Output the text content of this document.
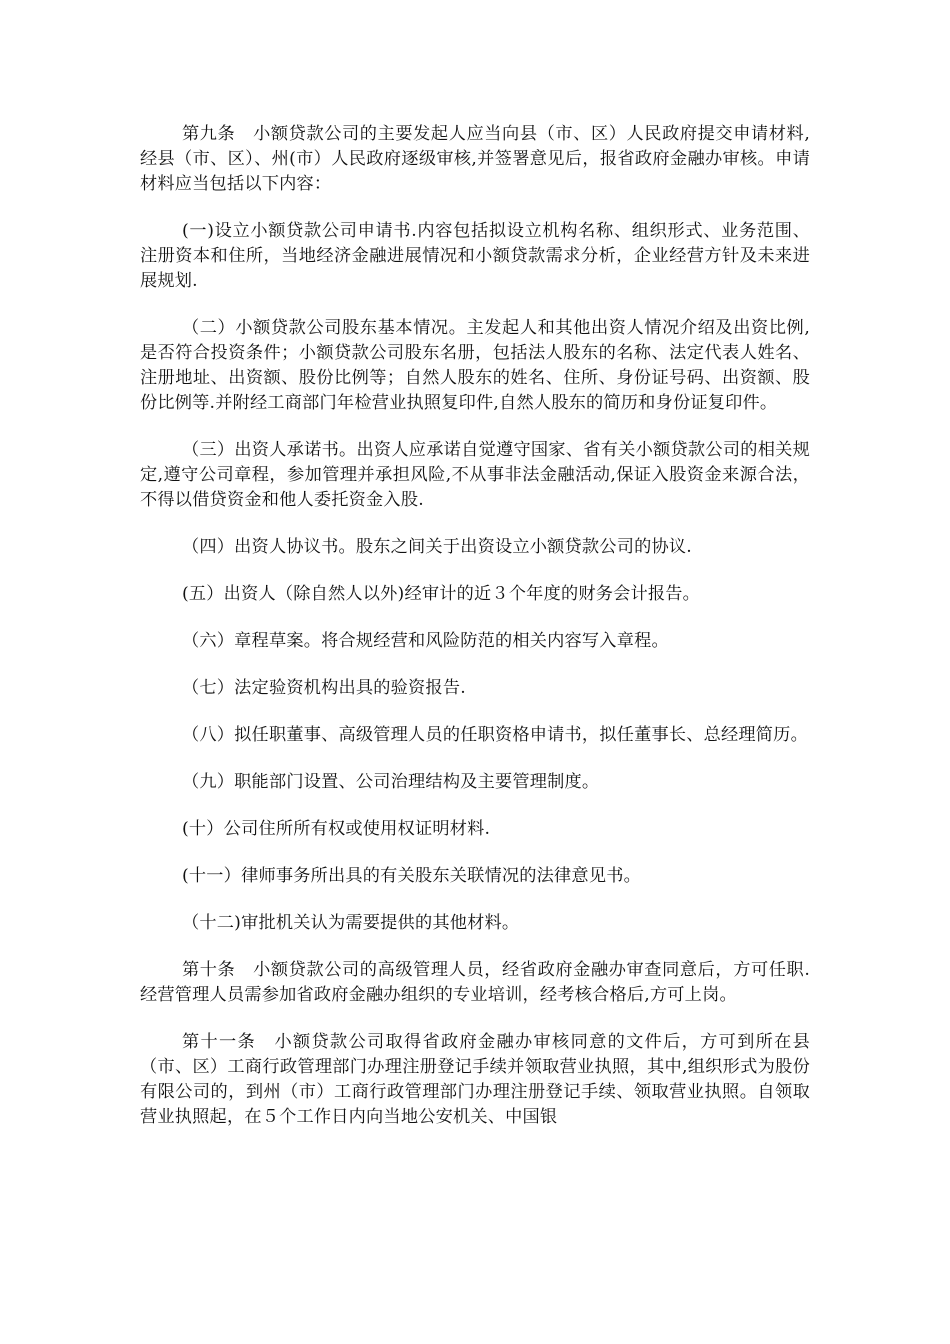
第九条　小额贷款公司的主要发起人应当向县（市、区）人民政府提交申请材料,经县（市、区）、州(市）人民政府逐级审核,并签署意见后，报省政府金融办审核。申请材料应当包括以下内容：

(一)设立小额贷款公司申请书.内容包括拟设立机构名称、组织形式、业务范围、注册资本和住所，当地经济金融进展情况和小额贷款需求分析，企业经营方针及未来进展规划.

（二）小额贷款公司股东基本情况。主发起人和其他出资人情况介绍及出资比例,是否符合投资条件；小额贷款公司股东名册，包括法人股东的名称、法定代表人姓名、注册地址、出资额、股份比例等；自然人股东的姓名、住所、身份证号码、出资额、股份比例等.并附经工商部门年检营业执照复印件,自然人股东的简历和身份证复印件。

（三）出资人承诺书。出资人应承诺自觉遵守国家、省有关小额贷款公司的相关规定,遵守公司章程，参加管理并承担风险,不从事非法金融活动,保证入股资金来源合法，不得以借贷资金和他人委托资金入股.

（四）出资人协议书。股东之间关于出资设立小额贷款公司的协议.

(五）出资人（除自然人以外)经审计的近３个年度的财务会计报告。

（六）章程草案。将合规经营和风险防范的相关内容写入章程。

（七）法定验资机构出具的验资报告.

（八）拟任职董事、高级管理人员的任职资格申请书，拟任董事长、总经理简历。

（九）职能部门设置、公司治理结构及主要管理制度。

(十）公司住所所有权或使用权证明材料.

(十一）律师事务所出具的有关股东关联情况的法律意见书。

（十二)审批机关认为需要提供的其他材料。

第十条　小额贷款公司的高级管理人员，经省政府金融办审查同意后，方可任职.经营管理人员需参加省政府金融办组织的专业培训，经考核合格后,方可上岗。

第十一条　小额贷款公司取得省政府金融办审核同意的文件后，方可到所在县（市、区）工商行政管理部门办理注册登记手续并领取营业执照，其中,组织形式为股份有限公司的，到州（市）工商行政管理部门办理注册登记手续、领取营业执照。自领取营业执照起，在５个工作日内向当地公安机关、中国银
